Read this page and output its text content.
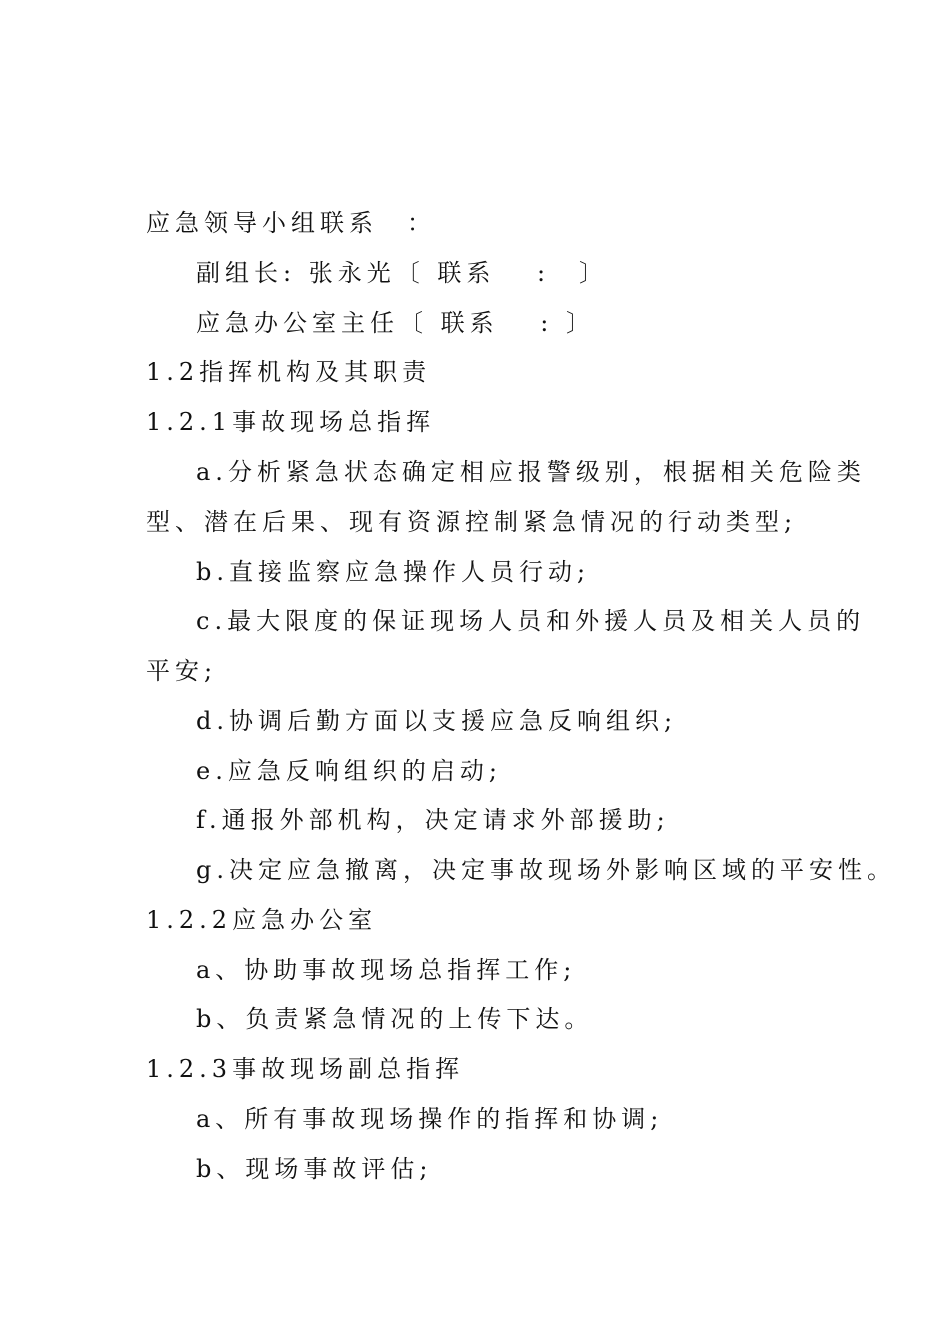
应急领导小组联系　：
副组长: 张永光〔 联系　 :　〕
应急办公室主任〔 联系　 : 〕
1.2指挥机构及其职责
1.2.1事故现场总指挥
a.分析紧急状态确定相应报警级别，根据相关危险类
型、潜在后果、现有资源控制紧急情况的行动类型;
b.直接监察应急操作人员行动;
c.最大限度的保证现场人员和外援人员及相关人员的
平安;
d.协调后勤方面以支援应急反响组织;
e.应急反响组织的启动;
f.通报外部机构，决定请求外部援助;
g.决定应急撤离，决定事故现场外影响区域的平安性。
1.2.2应急办公室
a、协助事故现场总指挥工作;
b、负责紧急情况的上传下达。
1.2.3事故现场副总指挥
a、所有事故现场操作的指挥和协调;
b、现场事故评估;
